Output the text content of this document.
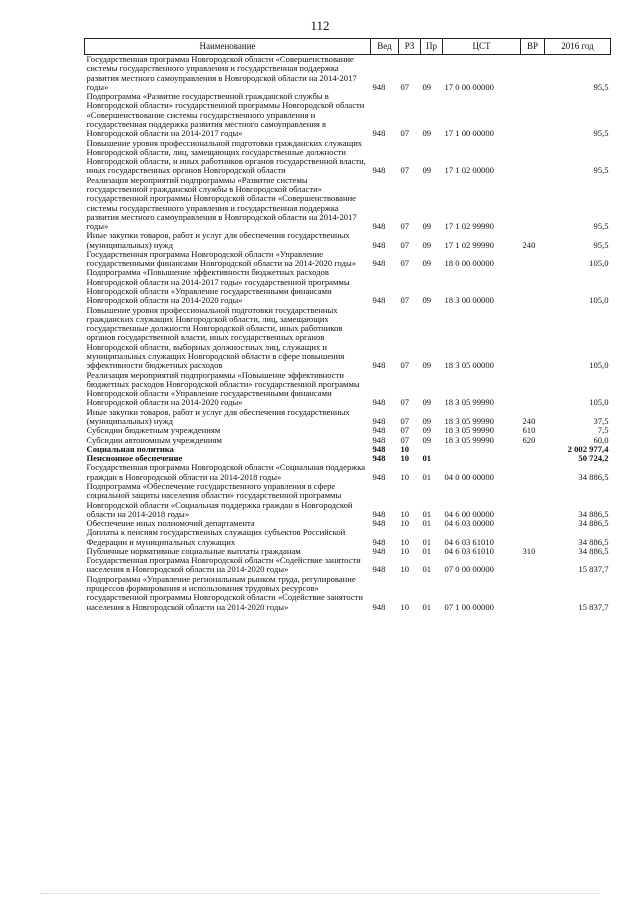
112
Наименование	Вед	РЗ	Пр	ЦСТ	ВР	2016 год
Государственная программа Новгородской области «Совершенствование системы государственного управления и государственная поддержка развития местного самоуправления в Новгородской области на 2014-2017 годы»	948	07	09	17 0 00 00000		95,5
Подпрограмма «Развитие государственной гражданской службы в Новгородской области» государственной программы Новгородской области «Совершенствование системы государственного управления и государственная поддержка развития местного самоуправления в Новгородской области на 2014-2017 годы»	948	07	09	17 1 00 00000		95,5
Повышение уровня профессиональной подготовки гражданских служащих Новгородской области, лиц, замещающих государственные должности Новгородской области, и иных работников органов государственной власти, иных государственных органов Новгородской области	948	07	09	17 1 02 00000		95,5
Реализация мероприятий подпрограммы «Развитие системы государственной гражданской службы в Новгородской области» государственной программы Новгородской области «Совершенствование системы государственного управления и государственная поддержка развития местного самоуправления в Новгородской области на 2014-2017 годы»	948	07	09	17 1 02 99990		95,5
Иные закупки товаров, работ и услуг для обеспечения государственных (муниципальных) нужд	948	07	09	17 1 02 99990	240	95,5
Государственная программа Новгородской области «Управление государственными финансами Новгородской области на 2014-2020 годы»	948	07	09	18 0 00 00000		105,0
Подпрограмма «Повышение эффективности бюджетных расходов Новгородской области на 2014-2017 годы» государственной программы Новгородской области «Управление государственными финансами Новгородской области на 2014-2020 годы»	948	07	09	18 3 00 00000		105,0
Повышение уровня профессиональной подготовки государственных гражданских служащих Новгородской области, лиц, замещающих государственные должности Новгородской области, иных работников органов государственной власти, иных государственных органов Новгородской области, выборных должностных лиц, служащих и муниципальных служащих Новгородской области в сфере повышения эффективности бюджетных расходов	948	07	09	18 3 05 00000		105,0
Реализация мероприятий подпрограммы «Повышение эффективности бюджетных расходов Новгородской области» государственной программы Новгородской области «Управление государственными финансами Новгородской области на 2014-2020 годы»	948	07	09	18 3 05 99990		105,0
Иные закупки товаров, работ и услуг для обеспечения государственных (муниципальных) нужд	948	07	09	18 3 05 99990	240	37,5
Субсидии бюджетным учреждениям	948	07	09	18 3 05 99990	610	7,5
Субсидии автономным учреждениям	948	07	09	18 3 05 99990	620	60,0
Социальная политика	948	10				2 002 977,4
Пенсионное обеспечение	948	10	01			50 724,2
Государственная программа Новгородской области «Социальная поддержка граждан в Новгородской области на 2014-2018 годы»	948	10	01	04 0 00 00000		34 886,5
Подпрограмма «Обеспечение государственного управления в сфере социальной защиты населения области» государственной программы Новгородской области «Социальная поддержка граждан в Новгородской области на 2014-2018 годы»	948	10	01	04 6 00 00000		34 886,5
Обеспечение иных полномочий департамента	948	10	01	04 6 03 00000		34 886,5
Доплаты к пенсиям государственных служащих субъектов Российской Федерации и муниципальных служащих	948	10	01	04 6 03 61010		34 886,5
Публичные нормативные социальные выплаты гражданам	948	10	01	04 6 03 61010	310	34 886,5
Государственная программа Новгородской области «Содействие занятости населения в Новгородской области на 2014-2020 годы»	948	10	01	07 0 00 00000		15 837,7
Подпрограмма «Управление региональным рынком труда, регулирование процессов формирования и использования трудовых ресурсов» государственной программы Новгородской области «Содействие занятости населения в Новгородской области на 2014-2020 годы»	948	10	01	07 1 00 00000		15 837,7
